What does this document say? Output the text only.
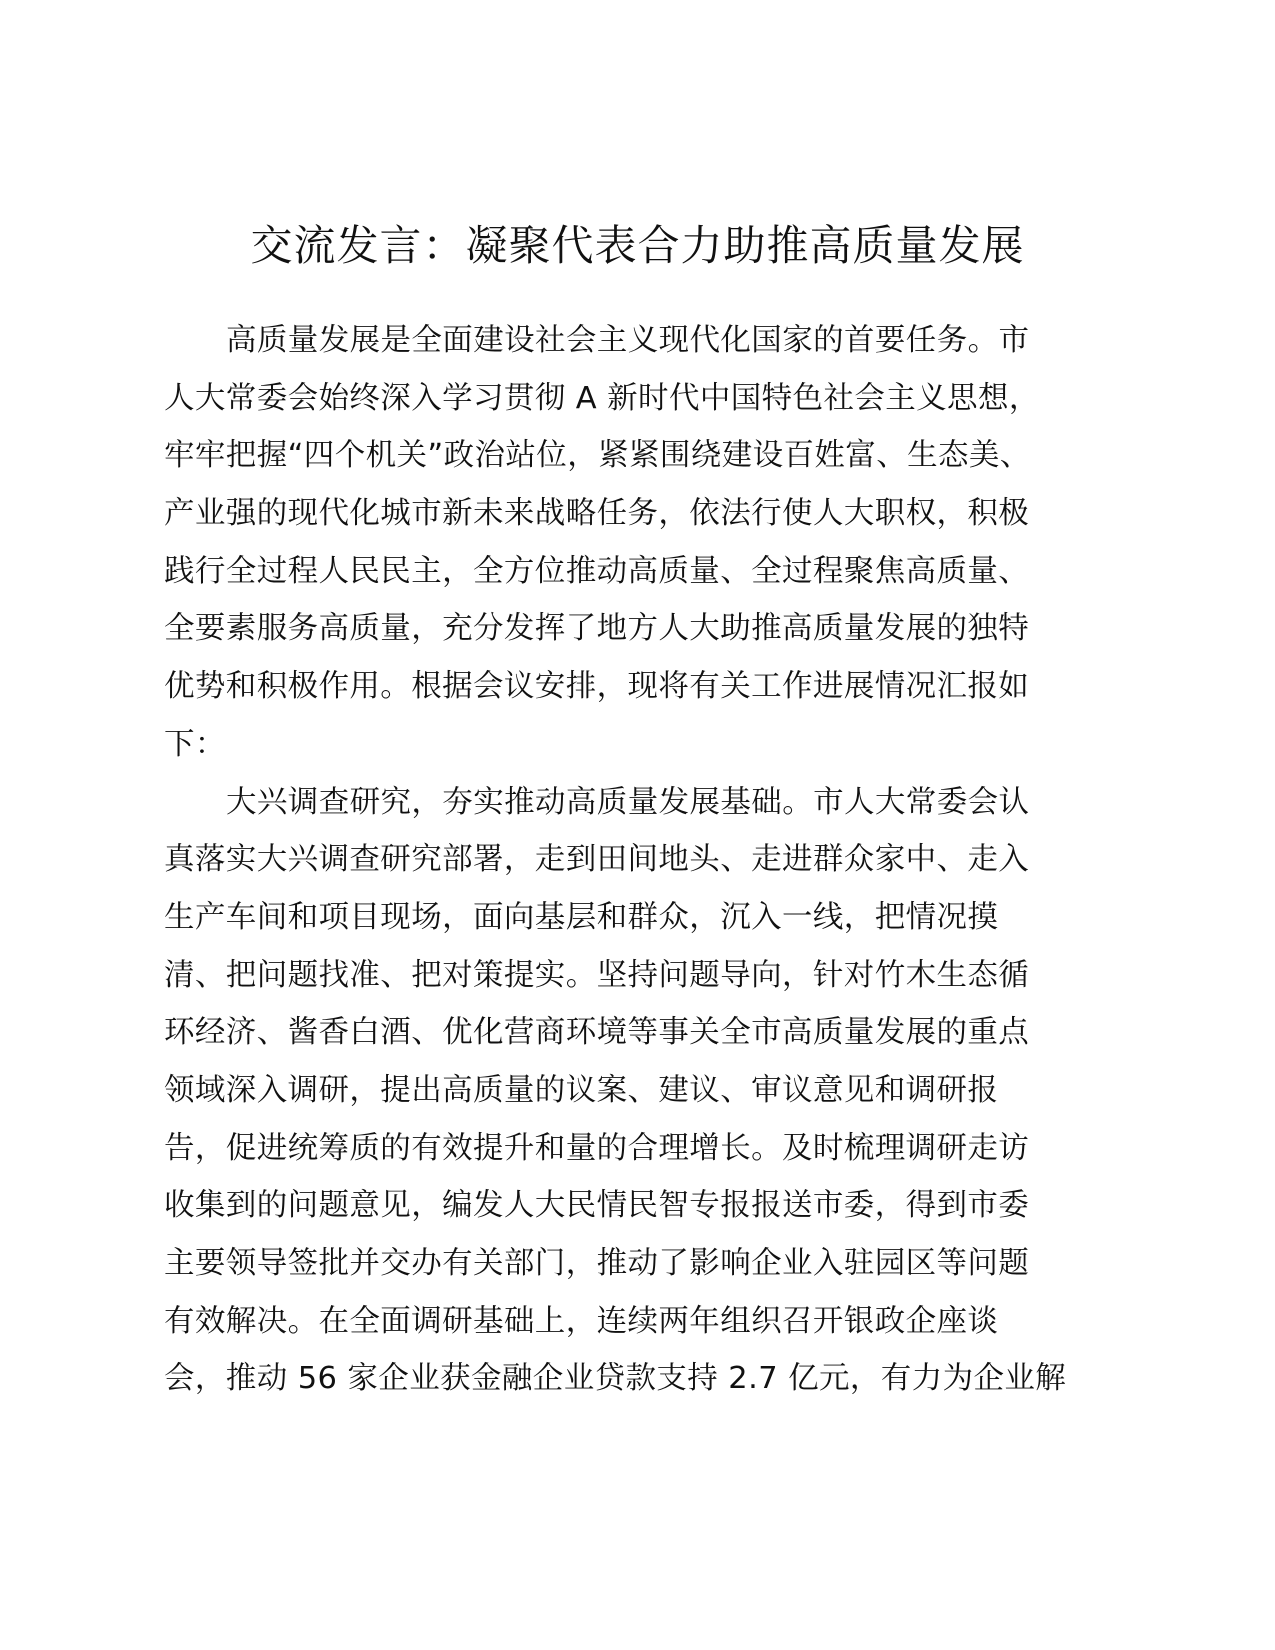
交流发言：凝聚代表合力助推高质量发展
高质量发展是全面建设社会主义现代化国家的首要任务。市
人大常委会始终深入学习贯彻 A 新时代中国特色社会主义思想，
牢牢把握“四个机关”政治站位，紧紧围绕建设百姓富、生态美、
产业强的现代化城市新未来战略任务，依法行使人大职权，积极
践行全过程人民民主，全方位推动高质量、全过程聚焦高质量、
全要素服务高质量，充分发挥了地方人大助推高质量发展的独特
优势和积极作用。根据会议安排，现将有关工作进展情况汇报如
下：
大兴调查研究，夯实推动高质量发展基础。市人大常委会认
真落实大兴调查研究部署，走到田间地头、走进群众家中、走入
生产车间和项目现场，面向基层和群众，沉入一线，把情况摸
清、把问题找准、把对策提实。坚持问题导向，针对竹木生态循
环经济、酱香白酒、优化营商环境等事关全市高质量发展的重点
领域深入调研，提出高质量的议案、建议、审议意见和调研报
告，促进统筹质的有效提升和量的合理增长。及时梳理调研走访
收集到的问题意见，编发人大民情民智专报报送市委，得到市委
主要领导签批并交办有关部门，推动了影响企业入驻园区等问题
有效解决。在全面调研基础上，连续两年组织召开银政企座谈
会，推动 56 家企业获金融企业贷款支持 2.7 亿元，有力为企业解
